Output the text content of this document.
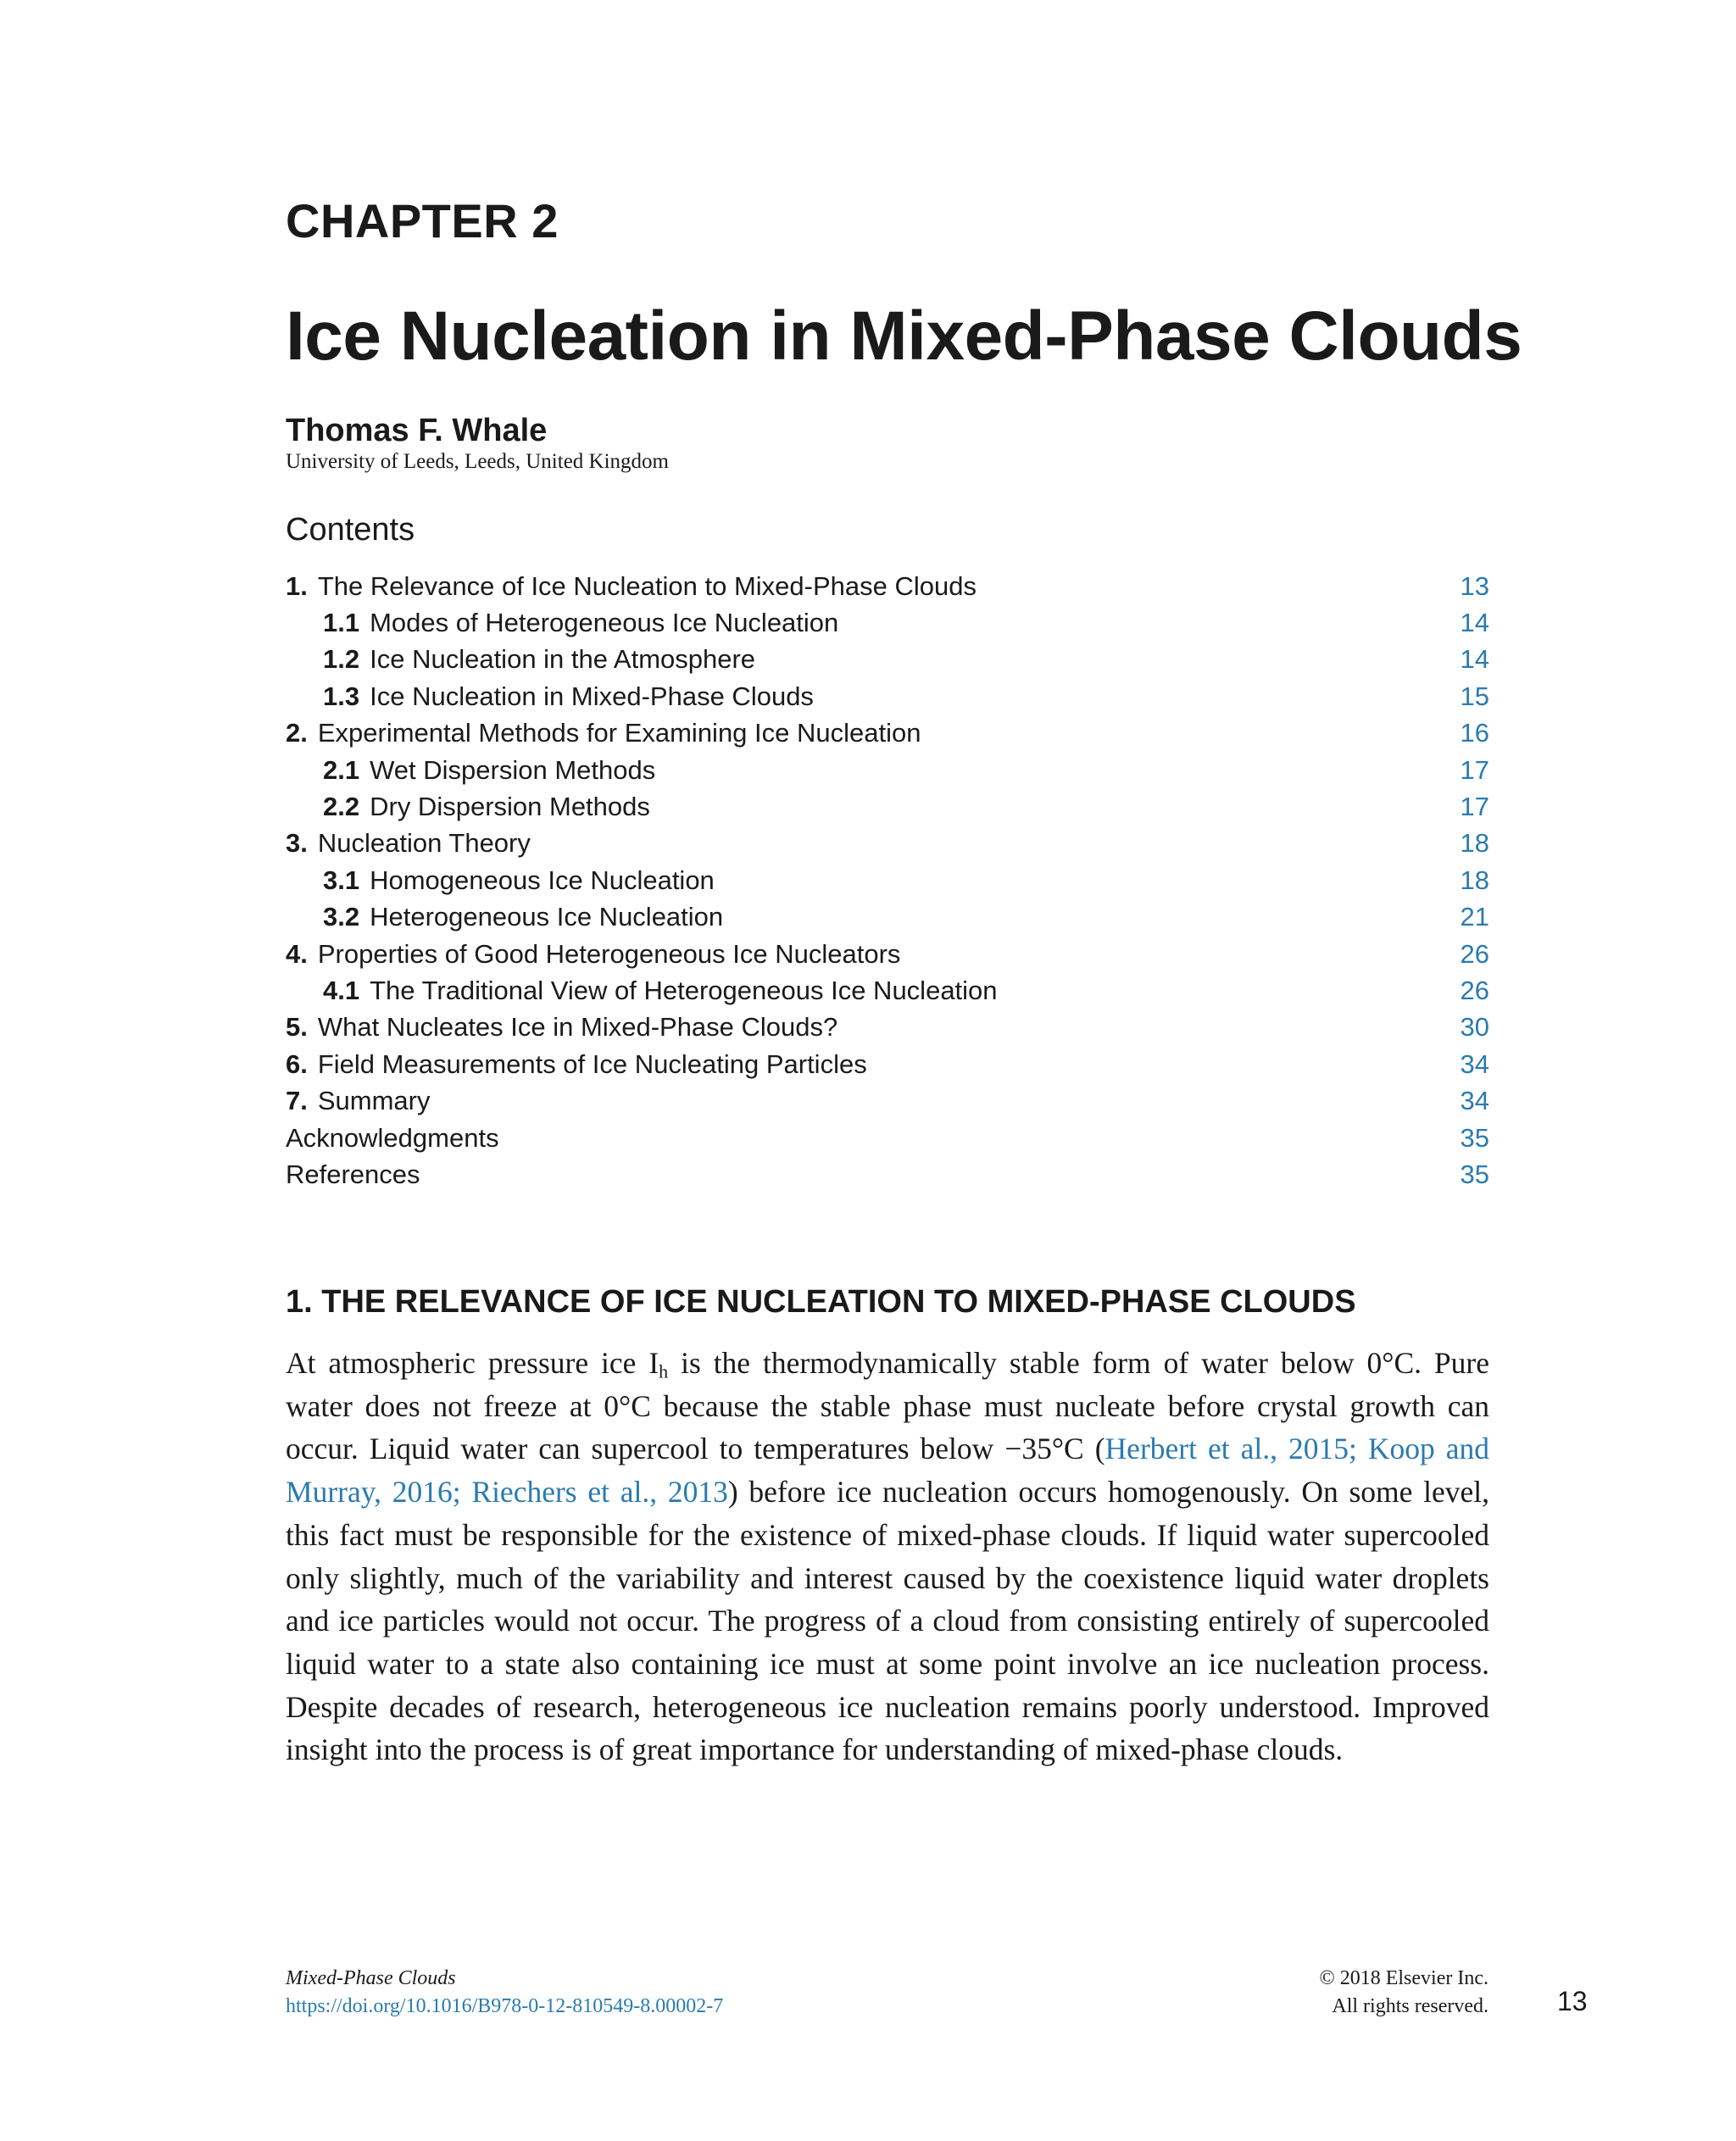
CHAPTER 2
Ice Nucleation in Mixed-Phase Clouds
Thomas F. Whale
University of Leeds, Leeds, United Kingdom
Contents
1. The Relevance of Ice Nucleation to Mixed-Phase Clouds	13
1.1 Modes of Heterogeneous Ice Nucleation	14
1.2 Ice Nucleation in the Atmosphere	14
1.3 Ice Nucleation in Mixed-Phase Clouds	15
2. Experimental Methods for Examining Ice Nucleation	16
2.1 Wet Dispersion Methods	17
2.2 Dry Dispersion Methods	17
3. Nucleation Theory	18
3.1 Homogeneous Ice Nucleation	18
3.2 Heterogeneous Ice Nucleation	21
4. Properties of Good Heterogeneous Ice Nucleators	26
4.1 The Traditional View of Heterogeneous Ice Nucleation	26
5. What Nucleates Ice in Mixed-Phase Clouds?	30
6. Field Measurements of Ice Nucleating Particles	34
7. Summary	34
Acknowledgments	35
References	35
1. THE RELEVANCE OF ICE NUCLEATION TO MIXED-PHASE CLOUDS

At atmospheric pressure ice $I_h$ is the thermodynamically stable form of water below 0°C. Pure water does not freeze at 0°C because the stable phase must nucleate before crystal growth can occur. Liquid water can supercool to temperatures below −35°C (Herbert et al., 2015; Koop and Murray, 2016; Riechers et al., 2013) before ice nucleation occurs homogenously. On some level, this fact must be responsible for the existence of mixed-phase clouds. If liquid water supercooled only slightly, much of the variability and interest caused by the coexistence liquid water droplets and ice particles would not occur. The progress of a cloud from consisting entirely of supercooled liquid water to a state also containing ice must at some point involve an ice nucleation process. Despite decades of research, heterogeneous ice nucleation remains poorly understood. Improved insight into the process is of great importance for understanding of mixed-phase clouds.

Mixed-Phase Clouds
https://doi.org/10.1016/B978-0-12-810549-8.00002-7
© 2018 Elsevier Inc.
All rights reserved.	13
